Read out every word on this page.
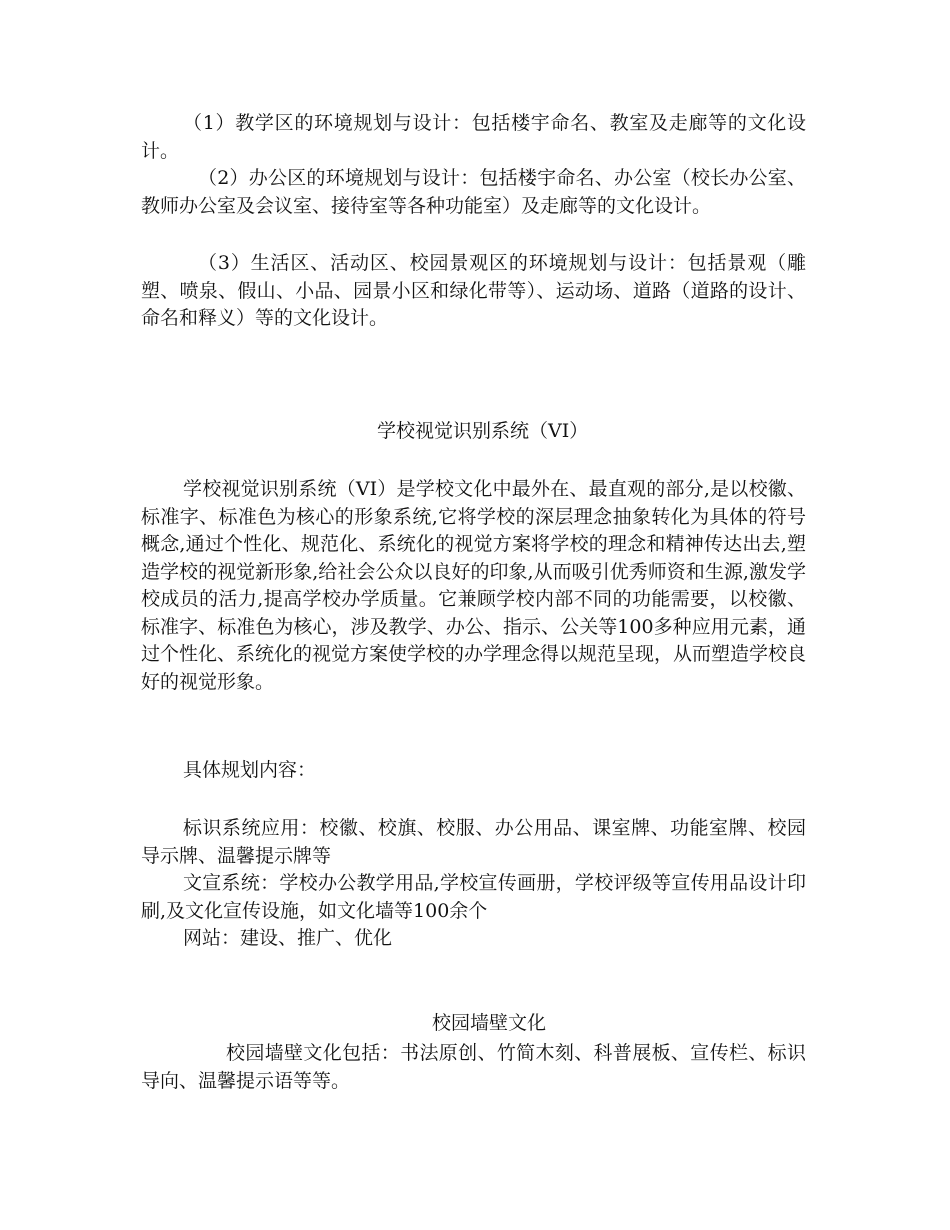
（1）教学区的环境规划与设计：包括楼宇命名、教室及走廊等的文化设计。

（2）办公区的环境规划与设计：包括楼宇命名、办公室（校长办公室、教师办公室及会议室、接待室等各种功能室）及走廊等的文化设计。

（3）生活区、活动区、校园景观区的环境规划与设计：包括景观（雕塑、喷泉、假山、小品、园景小区和绿化带等）、运动场、道路（道路的设计、命名和释义）等的文化设计。

学校视觉识别系统（VI）

学校视觉识别系统（VI）是学校文化中最外在、最直观的部分,是以校徽、标准字、标准色为核心的形象系统,它将学校的深层理念抽象转化为具体的符号概念,通过个性化、规范化、系统化的视觉方案将学校的理念和精神传达出去,塑造学校的视觉新形象,给社会公众以良好的印象,从而吸引优秀师资和生源,激发学校成员的活力,提高学校办学质量。它兼顾学校内部不同的功能需要，以校徽、标准字、标准色为核心，涉及教学、办公、指示、公关等100多种应用元素，通过个性化、系统化的视觉方案使学校的办学理念得以规范呈现，从而塑造学校良好的视觉形象。

具体规划内容：

标识系统应用：校徽、校旗、校服、办公用品、课室牌、功能室牌、校园导示牌、温馨提示牌等

文宣系统：学校办公教学用品,学校宣传画册，学校评级等宣传用品设计印刷,及文化宣传设施，如文化墙等100余个

网站：建设、推广、优化

校园墙壁文化

校园墙壁文化包括：书法原创、竹简木刻、科普展板、宣传栏、标识导向、温馨提示语等等。
